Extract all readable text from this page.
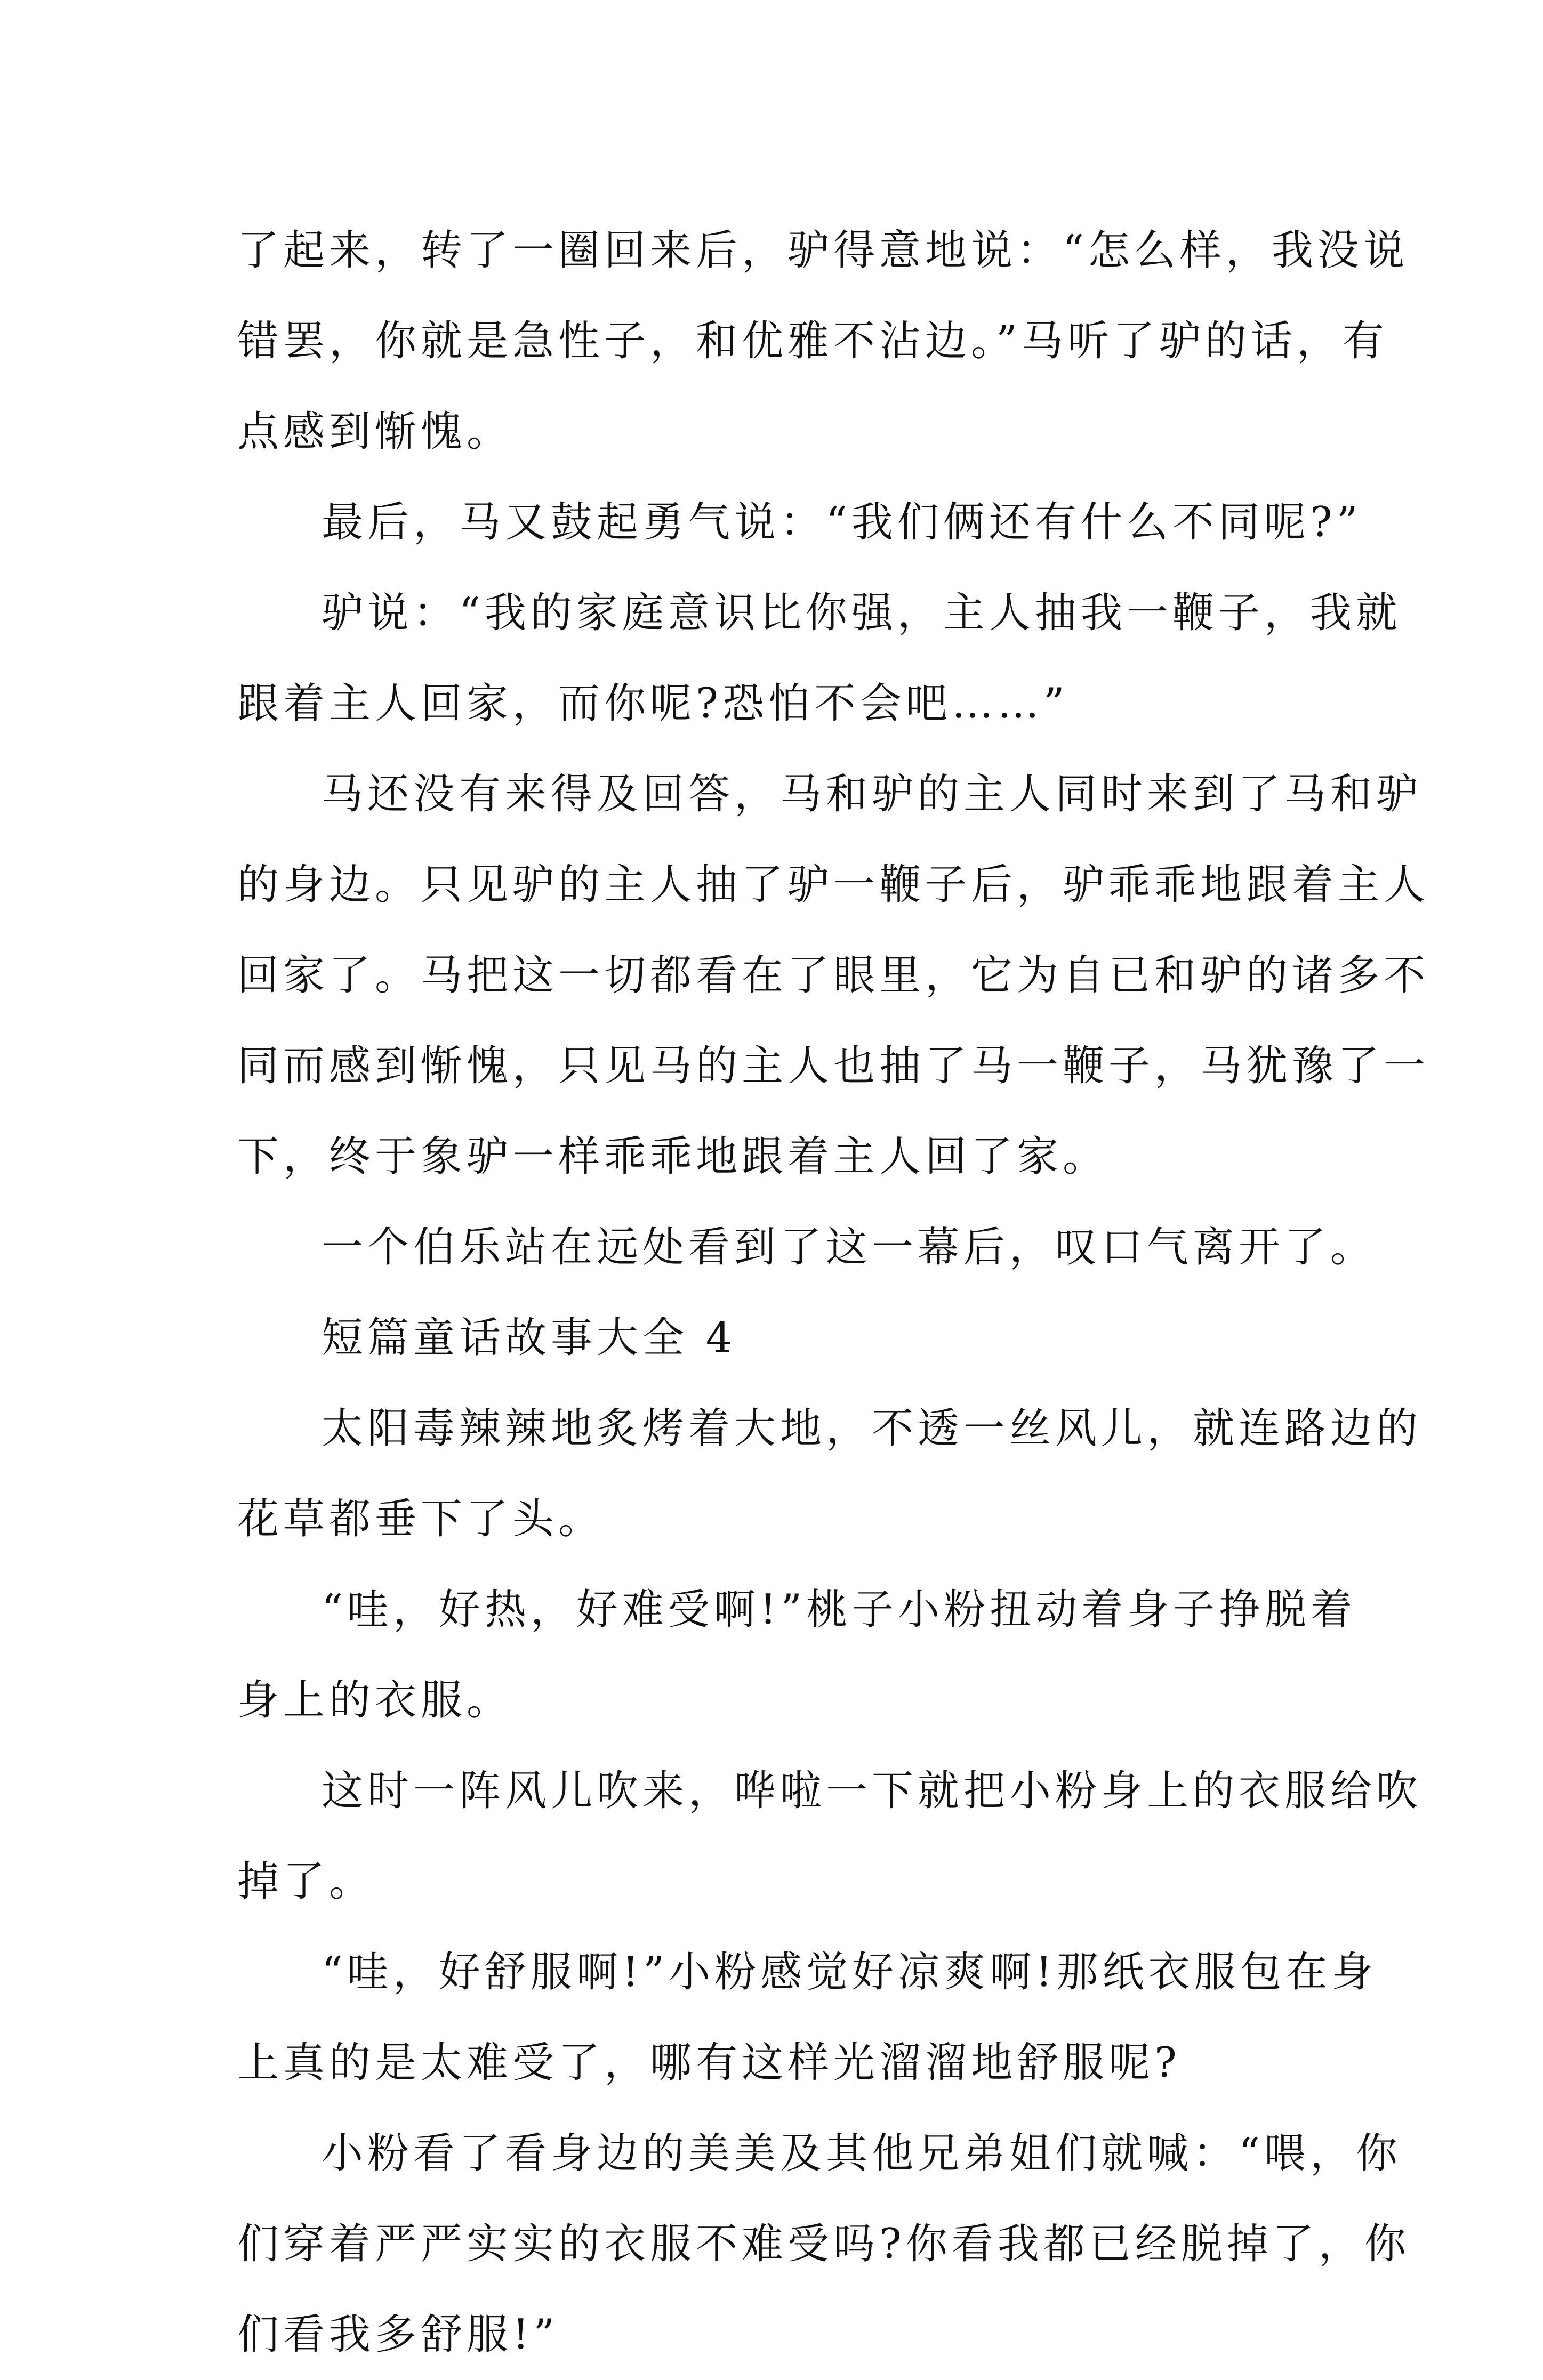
了起来，转了一圈回来后，驴得意地说：“怎么样，我没说
错罢，你就是急性子，和优雅不沾边。”马听了驴的话，有
点感到惭愧。
最后，马又鼓起勇气说：“我们俩还有什么不同呢?”
驴说：“我的家庭意识比你强，主人抽我一鞭子，我就
跟着主人回家，而你呢?恐怕不会吧……”
马还没有来得及回答，马和驴的主人同时来到了马和驴
的身边。只见驴的主人抽了驴一鞭子后，驴乖乖地跟着主人
回家了。马把这一切都看在了眼里，它为自已和驴的诸多不
同而感到惭愧，只见马的主人也抽了马一鞭子，马犹豫了一
下，终于象驴一样乖乖地跟着主人回了家。
一个伯乐站在远处看到了这一幕后，叹口气离开了。
短篇童话故事大全 4
太阳毒辣辣地炙烤着大地，不透一丝风儿，就连路边的
花草都垂下了头。
“哇，好热，好难受啊!”桃子小粉扭动着身子挣脱着
身上的衣服。
这时一阵风儿吹来，哗啦一下就把小粉身上的衣服给吹
掉了。
“哇，好舒服啊!”小粉感觉好凉爽啊!那纸衣服包在身
上真的是太难受了，哪有这样光溜溜地舒服呢?
小粉看了看身边的美美及其他兄弟姐们就喊：“喂，你
们穿着严严实实的衣服不难受吗?你看我都已经脱掉了，你
们看我多舒服!”
